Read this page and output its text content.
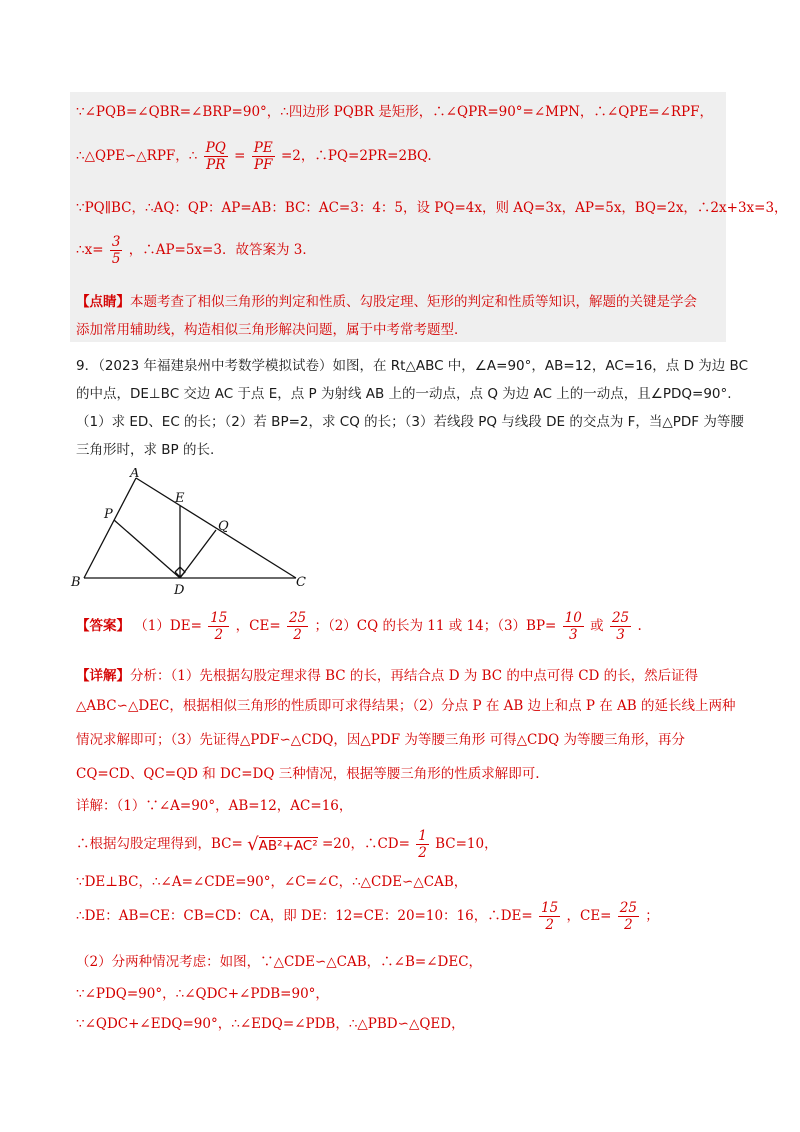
∵∠PQB=∠QBR=∠BRP=90°，∴四边形 PQBR 是矩形，∴∠QPR=90°=∠MPN，∴∠QPE=∠RPF，
∴△QPE∽△RPF，∴ $\frac{PQ}{PR} = \frac{PE}{PF} =2$，∴PQ=2PR=2BQ.
∵PQ∥BC，∴AQ：QP：AP=AB：BC：AC=3：4：5，设 PQ=4x，则 AQ=3x，AP=5x，BQ=2x，∴2x+3x=3，
∴x= $\frac{3}{5}$ ，∴AP=5x=3．故答案为 3．
【点睛】本题考查了相似三角形的判定和性质、勾股定理、矩形的判定和性质等知识，解题的关键是学会
添加常用辅助线，构造相似三角形解决问题，属于中考常考题型．
9．（2023 年福建泉州中考数学模拟试卷）如图，在 Rt△ABC 中，∠A=90°，AB=12，AC=16，点 D 为边 BC
的中点，DE⊥BC 交边 AC 于点 E，点 P 为射线 AB 上的一动点，点 Q 为边 AC 上的一动点，且∠PDQ=90°.
（1）求 ED、EC 的长；（2）若 BP=2，求 CQ 的长；（3）若线段 PQ 与线段 DE 的交点为 F，当△PDF 为等腰
三角形时，求 BP 的长.
A
E
P
Q
B
D
C
【答案】 $(1)DE= \frac{15}{2}$ ，$CE= \frac{25}{2}$ ；（2）CQ 的长为 11 或 14；$(3)BP= \frac{10}{3}$ 或 $\frac{25}{3}$ .
【详解】分析：（1）先根据勾股定理求得 BC 的长，再结合点 D 为 BC 的中点可得 CD 的长，然后证得
△ABC∽△DEC，根据相似三角形的性质即可求得结果；（2）分点 P 在 AB 边上和点 P 在 AB 的延长线上两种
情况求解即可；（3）先证得△PDF∽△CDQ，因△PDF 为等腰三角形 可得△CDQ 为等腰三角形，再分
CQ=CD、QC=QD 和 DC=DQ 三种情况，根据等腰三角形的性质求解即可.
详解：（1）∵∠A=90°，AB=12，AC=16，
∴根据勾股定理得到，BC= √AB²+AC² =20，∴CD= $\frac{1}{2} BC=10$，
∵DE⊥BC，∴∠A=∠CDE=90°，∠C=∠C，∴△CDE∽△CAB，
∴DE：AB=CE：CB=CD：CA，即 DE：12=CE：20=10：16，∴DE= $\frac{15}{2}$ ，$CE= \frac{25}{2}$ ；
（2）分两种情况考虑：如图，∵△CDE∽△CAB，∴∠B=∠DEC，
∵∠PDQ=90°，∴∠QDC+∠PDB=90°，
∵∠QDC+∠EDQ=90°，∴∠EDQ=∠PDB，∴△PBD∽△QED，
